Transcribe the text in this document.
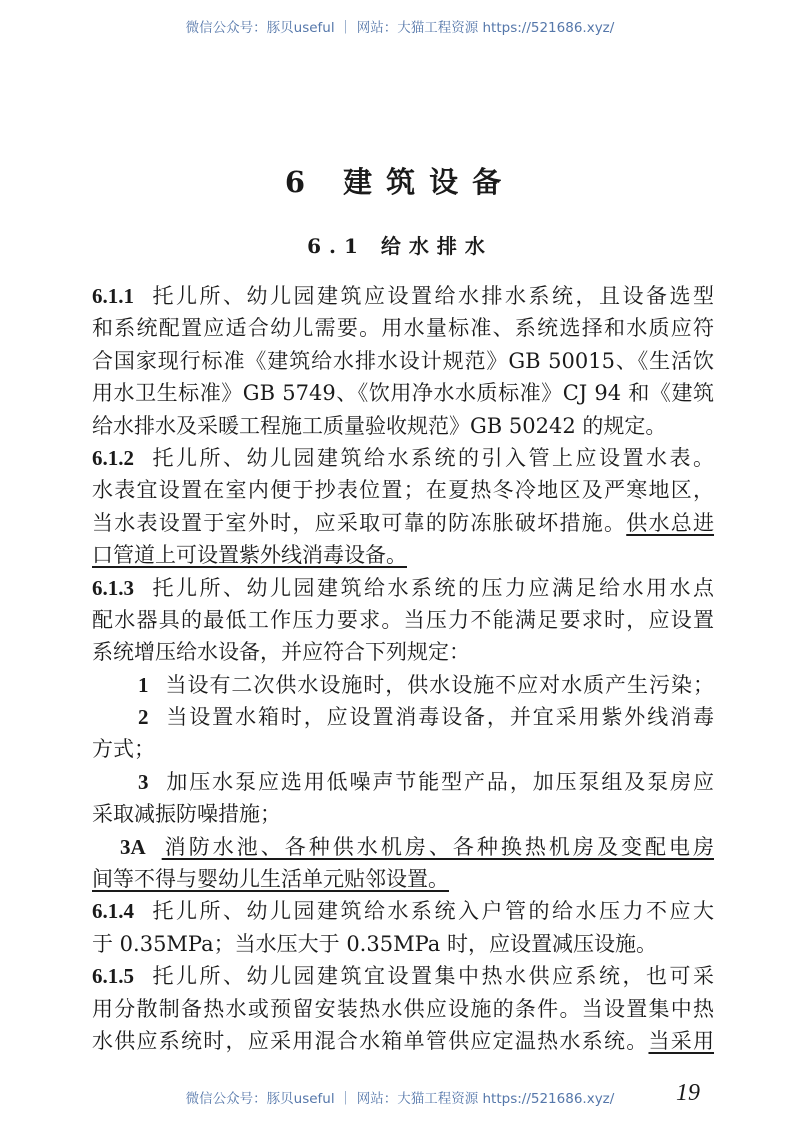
微信公众号：豚贝useful ｜ 网站：大猫工程资源 https://521686.xyz/
6 建筑设备
6.1 给水排水
6.1.1 托儿所、幼儿园建筑应设置给水排水系统，且设备选型
和系统配置应适合幼儿需要。用水量标准、系统选择和水质应符
合国家现行标准《建筑给水排水设计规范》GB 50015、《生活饮
用水卫生标准》GB 5749、《饮用净水水质标准》CJ 94 和《建筑
给水排水及采暖工程施工质量验收规范》GB 50242 的规定。
6.1.2 托儿所、幼儿园建筑给水系统的引入管上应设置水表。
水表宜设置在室内便于抄表位置；在夏热冬冷地区及严寒地区，
当水表设置于室外时，应采取可靠的防冻胀破坏措施。供水总进
口管道上可设置紫外线消毒设备。
6.1.3 托儿所、幼儿园建筑给水系统的压力应满足给水用水点
配水器具的最低工作压力要求。当压力不能满足要求时，应设置
系统增压给水设备，并应符合下列规定：
1 当设有二次供水设施时，供水设施不应对水质产生污染；
2 当设置水箱时，应设置消毒设备，并宜采用紫外线消毒
方式；
3 加压水泵应选用低噪声节能型产品，加压泵组及泵房应
采取减振防噪措施；
3A 消防水池、各种供水机房、各种换热机房及变配电房
间等不得与婴幼儿生活单元贴邻设置。
6.1.4 托儿所、幼儿园建筑给水系统入户管的给水压力不应大
于 0.35MPa；当水压大于 0.35MPa 时，应设置减压设施。
6.1.5 托儿所、幼儿园建筑宜设置集中热水供应系统，也可采
用分散制备热水或预留安装热水供应设施的条件。当设置集中热
水供应系统时，应采用混合水箱单管供应定温热水系统。当采用
微信公众号：豚贝useful ｜ 网站：大猫工程资源 https://521686.xyz/	19
